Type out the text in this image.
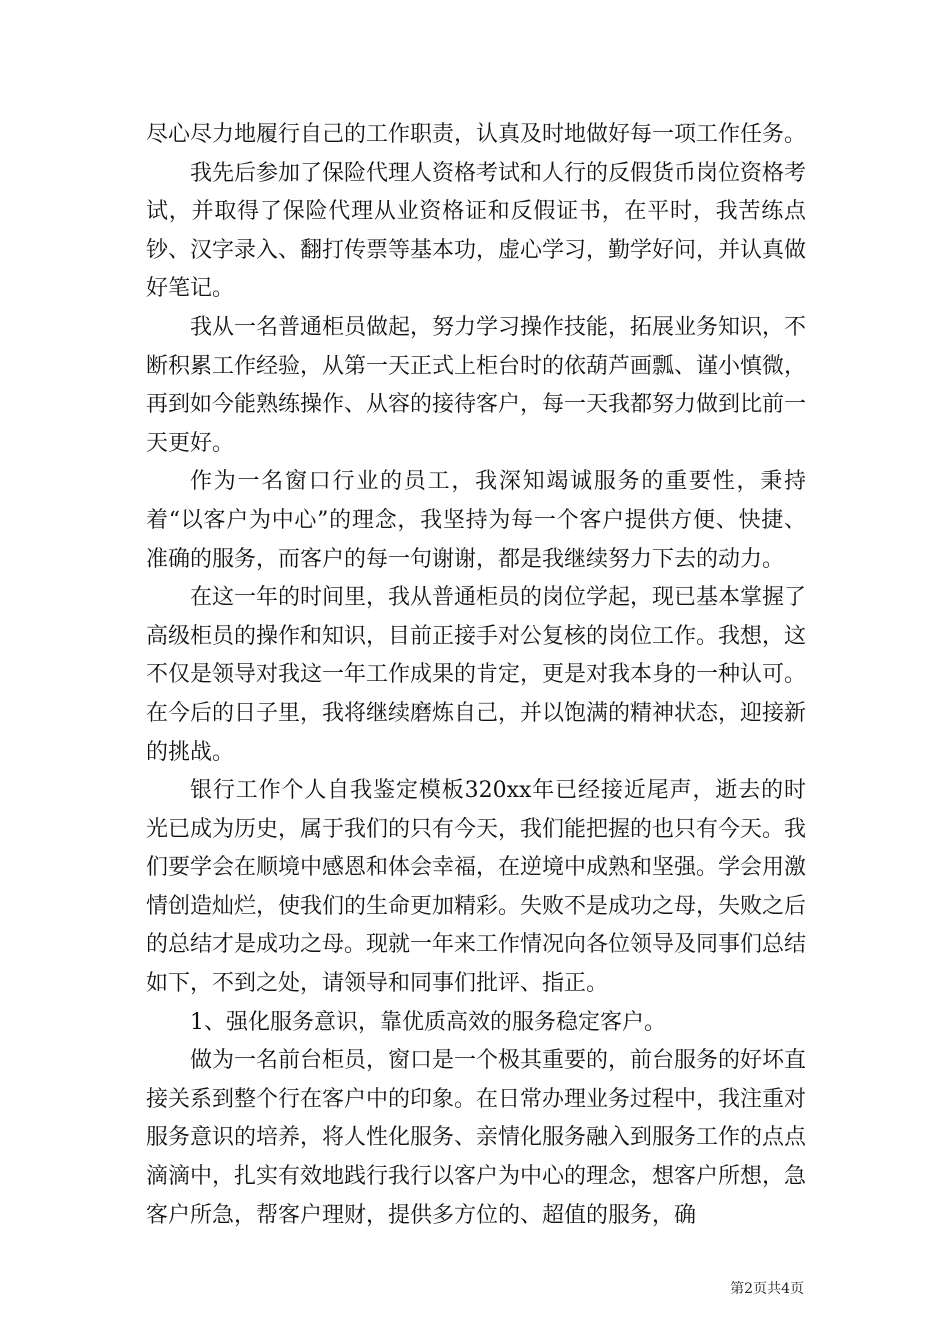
尽心尽力地履行自己的工作职责，认真及时地做好每一项工作任务。

我先后参加了保险代理人资格考试和人行的反假货币岗位资格考试，并取得了保险代理从业资格证和反假证书，在平时，我苦练点钞、汉字录入、翻打传票等基本功，虚心学习，勤学好问，并认真做好笔记。

我从一名普通柜员做起，努力学习操作技能，拓展业务知识，不断积累工作经验，从第一天正式上柜台时的依葫芦画瓢、谨小慎微，再到如今能熟练操作、从容的接待客户，每一天我都努力做到比前一天更好。

作为一名窗口行业的员工，我深知竭诚服务的重要性，秉持着“以客户为中心”的理念，我坚持为每一个客户提供方便、快捷、准确的服务，而客户的每一句谢谢，都是我继续努力下去的动力。

在这一年的时间里，我从普通柜员的岗位学起，现已基本掌握了高级柜员的操作和知识，目前正接手对公复核的岗位工作。我想，这不仅是领导对我这一年工作成果的肯定，更是对我本身的一种认可。在今后的日子里，我将继续磨炼自己，并以饱满的精神状态，迎接新的挑战。

银行工作个人自我鉴定模板320xx年已经接近尾声，逝去的时光已成为历史，属于我们的只有今天，我们能把握的也只有今天。我们要学会在顺境中感恩和体会幸福，在逆境中成熟和坚强。学会用激情创造灿烂，使我们的生命更加精彩。失败不是成功之母，失败之后的总结才是成功之母。现就一年来工作情况向各位领导及同事们总结如下，不到之处，请领导和同事们批评、指正。

1、强化服务意识，靠优质高效的服务稳定客户。

做为一名前台柜员，窗口是一个极其重要的，前台服务的好坏直接关系到整个行在客户中的印象。在日常办理业务过程中，我注重对服务意识的培养，将人性化服务、亲情化服务融入到服务工作的点点滴滴中，扎实有效地践行我行以客户为中心的理念，想客户所想，急客户所急，帮客户理财，提供多方位的、超值的服务，确

第2页共4页
